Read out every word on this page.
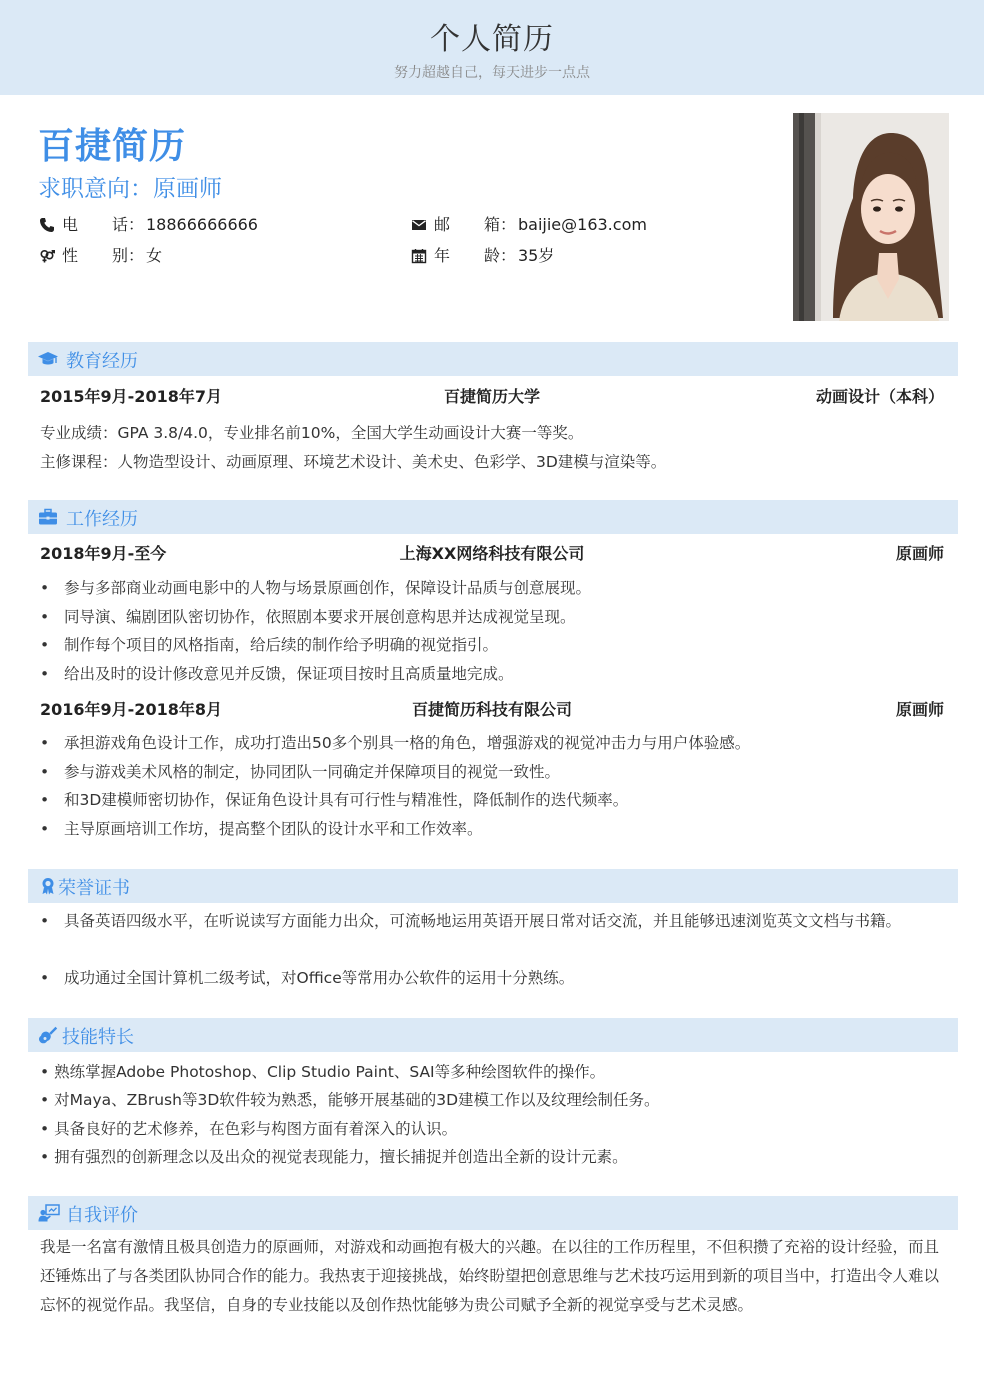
个人简历
努力超越自己，每天进步一点点
百捷简历
求职意向：原画师
电 话： 18866666666	邮 箱： baijie@163.com
性 别： 女	年 龄： 35岁
教育经历
2015年9月-2018年7月	百捷简历大学	动画设计（本科）
专业成绩：GPA 3.8/4.0，专业排名前10%，全国大学生动画设计大赛一等奖。
主修课程：人物造型设计、动画原理、环境艺术设计、美术史、色彩学、3D建模与渲染等。
工作经历
2018年9月-至今	上海XX网络科技有限公司	原画师
• 参与多部商业动画电影中的人物与场景原画创作，保障设计品质与创意展现。
• 同导演、编剧团队密切协作，依照剧本要求开展创意构思并达成视觉呈现。
• 制作每个项目的风格指南，给后续的制作给予明确的视觉指引。
• 给出及时的设计修改意见并反馈，保证项目按时且高质量地完成。
2016年9月-2018年8月	百捷简历科技有限公司	原画师
• 承担游戏角色设计工作，成功打造出50多个别具一格的角色，增强游戏的视觉冲击力与用户体验感。
• 参与游戏美术风格的制定，协同团队一同确定并保障项目的视觉一致性。
• 和3D建模师密切协作，保证角色设计具有可行性与精准性，降低制作的迭代频率。
• 主导原画培训工作坊，提高整个团队的设计水平和工作效率。
荣誉证书
• 具备英语四级水平，在听说读写方面能力出众，可流畅地运用英语开展日常对话交流，并且能够迅速浏览英文文档与书籍。
• 成功通过全国计算机二级考试，对Office等常用办公软件的运用十分熟练。
技能特长
• 熟练掌握Adobe Photoshop、Clip Studio Paint、SAI等多种绘图软件的操作。
• 对Maya、ZBrush等3D软件较为熟悉，能够开展基础的3D建模工作以及纹理绘制任务。
• 具备良好的艺术修养，在色彩与构图方面有着深入的认识。
• 拥有强烈的创新理念以及出众的视觉表现能力，擅长捕捉并创造出全新的设计元素。
自我评价
我是一名富有激情且极具创造力的原画师，对游戏和动画抱有极大的兴趣。在以往的工作历程里，不但积攒了充裕的设计经验，而且还锤炼出了与各类团队协同合作的能力。我热衷于迎接挑战，始终盼望把创意思维与艺术技巧运用到新的项目当中，打造出令人难以忘怀的视觉作品。我坚信，自身的专业技能以及创作热忱能够为贵公司赋予全新的视觉享受与艺术灵感。
